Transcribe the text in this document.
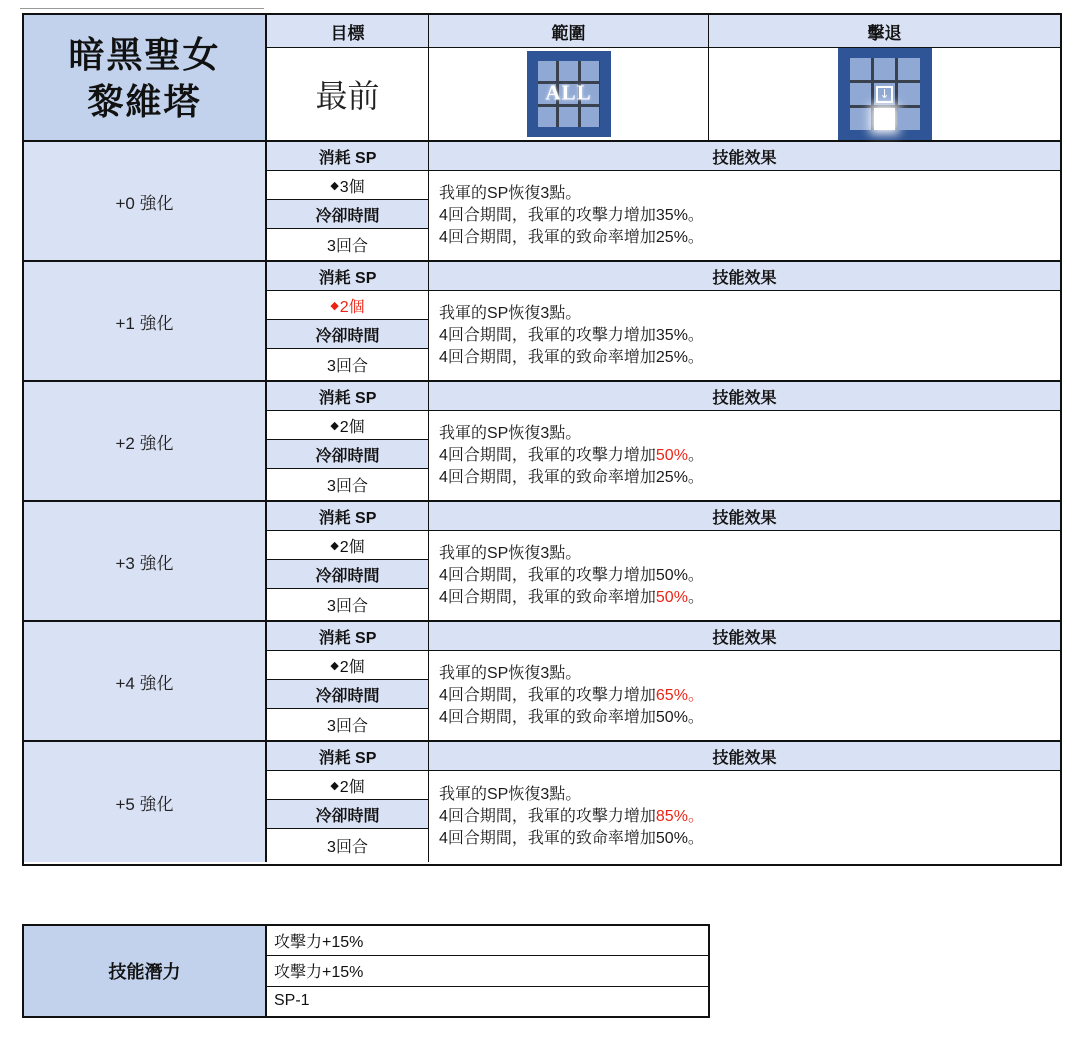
暗黑聖女
黎維塔
目標
最前
範圍
ALL
擊退
↓
+0 強化
消耗 SP
◆ 3個
冷卻時間
3回合
技能效果
我軍的SP恢復3點。
4回合期間，我軍的攻擊力增加35%。
4回合期間，我軍的致命率增加25%。
+1 強化
消耗 SP
◆ 2個
冷卻時間
3回合
技能效果
我軍的SP恢復3點。
4回合期間，我軍的攻擊力增加35%。
4回合期間，我軍的致命率增加25%。
+2 強化
消耗 SP
◆ 2個
冷卻時間
3回合
技能效果
我軍的SP恢復3點。
4回合期間，我軍的攻擊力增加50%。
4回合期間，我軍的致命率增加25%。
+3 強化
消耗 SP
◆ 2個
冷卻時間
3回合
技能效果
我軍的SP恢復3點。
4回合期間，我軍的攻擊力增加50%。
4回合期間，我軍的致命率增加50%。
+4 強化
消耗 SP
◆ 2個
冷卻時間
3回合
技能效果
我軍的SP恢復3點。
4回合期間，我軍的攻擊力增加65%。
4回合期間，我軍的致命率增加50%。
+5 強化
消耗 SP
◆ 2個
冷卻時間
3回合
技能效果
我軍的SP恢復3點。
4回合期間，我軍的攻擊力增加85%。
4回合期間，我軍的致命率增加50%。
技能潛力
攻擊力+15%
攻擊力+15%
SP-1
